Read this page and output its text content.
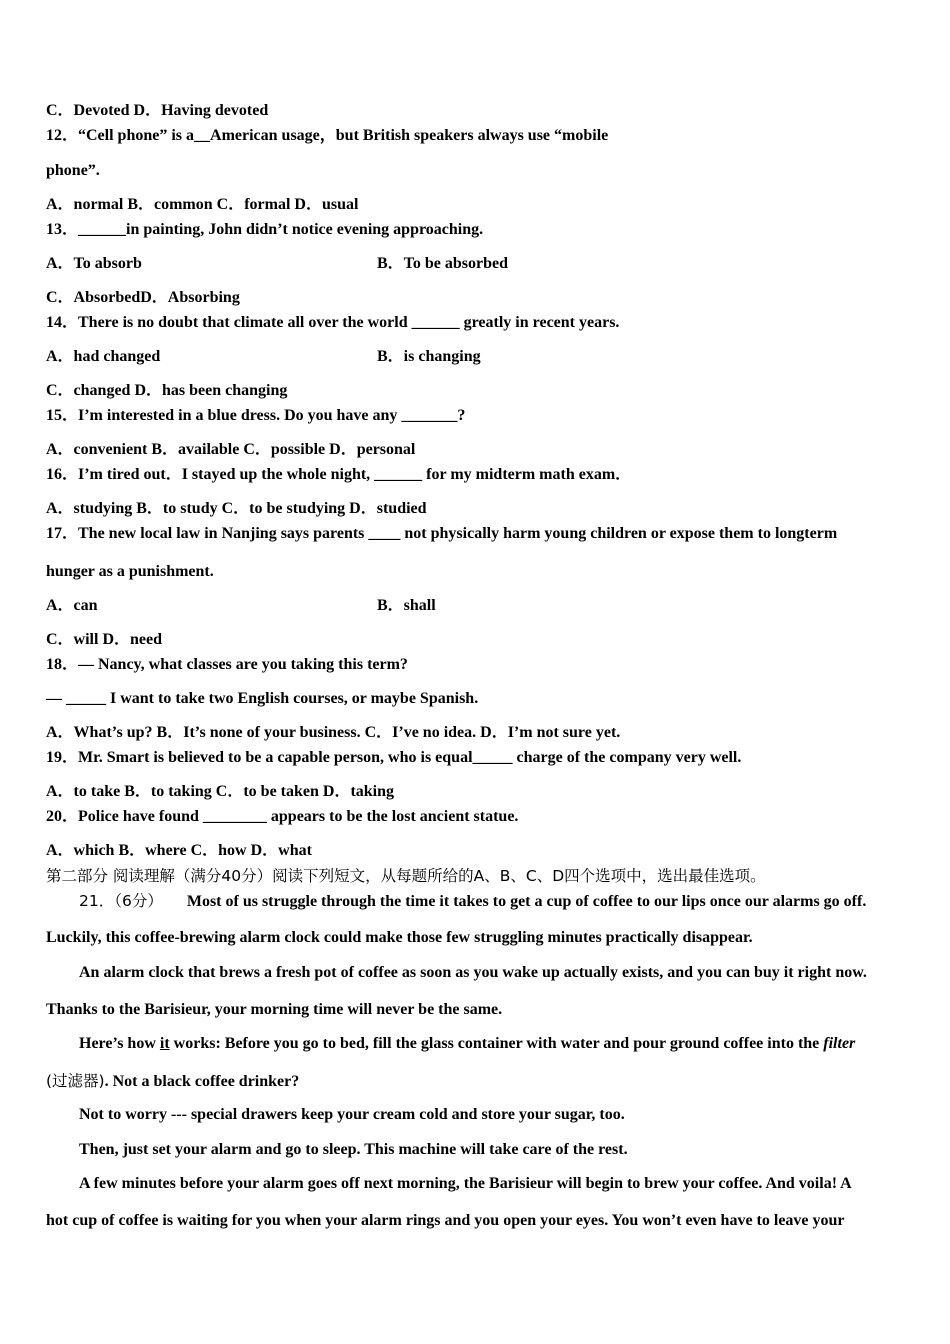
C．Devoted D．Having devoted
12．“Cell phone” is a__American usage，but British speakers always use “mobile
phone”.
A．normal B．common C．formal D．usual
13．______in painting, John didn’t notice evening approaching.
A．To absorb	B．To be absorbed
C．AbsorbedD．Absorbing
14．There is no doubt that climate all over the world ______ greatly in recent years.
A．had changed	B．is changing
C．changed D．has been changing
15．I’m interested in a blue dress. Do you have any _______?
A．convenient B．available C．possible D．personal
16．I’m tired out．I stayed up the whole night, ______ for my midterm math exam．
A．studying B．to study C．to be studying D．studied
17．The new local law in Nanjing says parents ____ not physically harm young children or expose them to longterm
hunger as a punishment.
A．can	B．shall
C．will D．need
18．— Nancy, what classes are you taking this term?
— _____ I want to take two English courses, or maybe Spanish.
A．What’s up? B．It’s none of your business. C．I’ve no idea. D．I’m not sure yet.
19．Mr. Smart is believed to be a capable person, who is equal_____ charge of the company very well.
A．to take B．to taking C．to be taken D．taking
20．Police have found ________ appears to be the lost ancient statue.
A．which B．where C．how D．what
第二部分 阅读理解（满分40分）阅读下列短文，从每题所给的A、B、C、D四个选项中，选出最佳选项。
21．（6分） Most of us struggle through the time it takes to get a cup of coffee to our lips once our alarms go off.
Luckily, this coffee-brewing alarm clock could make those few struggling minutes practically disappear.
An alarm clock that brews a fresh pot of coffee as soon as you wake up actually exists, and you can buy it right now.
Thanks to the Barisieur, your morning time will never be the same.
Here’s how it works: Before you go to bed, fill the glass container with water and pour ground coffee into the filter
(过滤器). Not a black coffee drinker?
Not to worry --- special drawers keep your cream cold and store your sugar, too.
Then, just set your alarm and go to sleep. This machine will take care of the rest.
A few minutes before your alarm goes off next morning, the Barisieur will begin to brew your coffee. And voila! A
hot cup of coffee is waiting for you when your alarm rings and you open your eyes. You won’t even have to leave your
